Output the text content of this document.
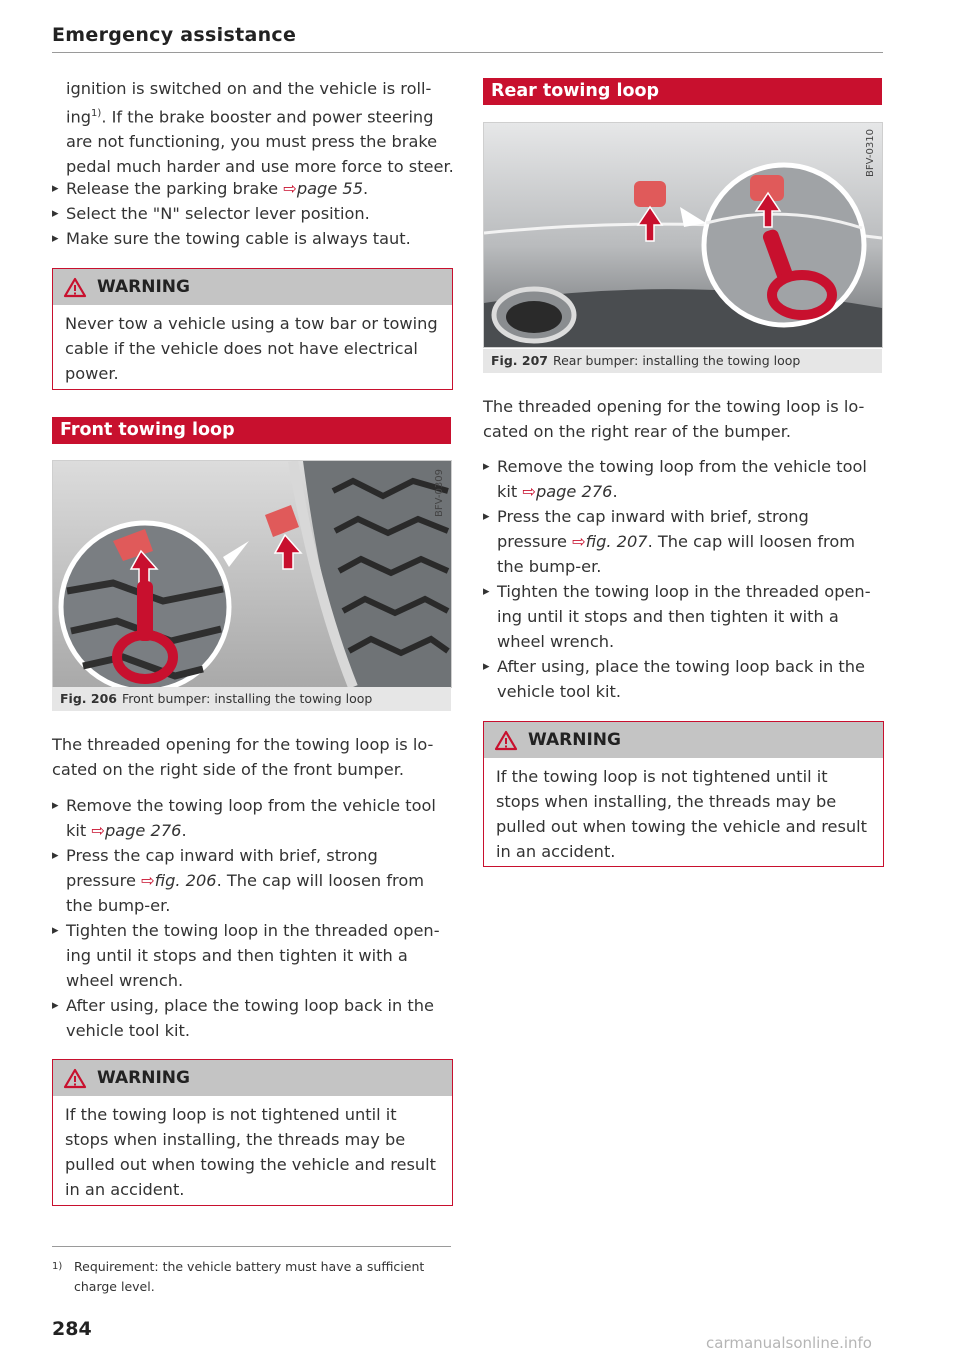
Emergency assistance

ignition is switched on and the vehicle is roll-ing$^{1)}$. If the brake booster and power steering are not functioning, you must press the brake pedal much harder and use more force to steer.

▸ Release the parking brake ⇨page 55.

▸ Select the "N" selector lever position.

▸ Make sure the towing cable is always taut.

WARNING
Never tow a vehicle using a tow bar or towing cable if the vehicle does not have electrical power.
Front towing loop
BFV-0309
Fig. 206 Front bumper: installing the towing loop

The threaded opening for the towing loop is lo-cated on the right side of the front bumper.

▸ Remove the towing loop from the vehicle tool kit ⇨page 276.

▸ Press the cap inward with brief, strong pressure ⇨fig. 206. The cap will loosen from the bump-er.

▸ Tighten the towing loop in the threaded open-ing until it stops and then tighten it with a wheel wrench.

▸ After using, place the towing loop back in the vehicle tool kit.

WARNING
If the towing loop is not tightened until it stops when installing, the threads may be pulled out when towing the vehicle and result in an accident.
1) Requirement: the vehicle battery must have a sufficient charge level.
284
Rear towing loop
BFV-0310
Fig. 207 Rear bumper: installing the towing loop

The threaded opening for the towing loop is lo-cated on the right rear of the bumper.

▸ Remove the towing loop from the vehicle tool kit ⇨page 276.

▸ Press the cap inward with brief, strong pressure ⇨fig. 207. The cap will loosen from the bump-er.

▸ Tighten the towing loop in the threaded open-ing until it stops and then tighten it with a wheel wrench.

▸ After using, place the towing loop back in the vehicle tool kit.

WARNING
If the towing loop is not tightened until it stops when installing, the threads may be pulled out when towing the vehicle and result in an accident.
carmanualsonline.info
